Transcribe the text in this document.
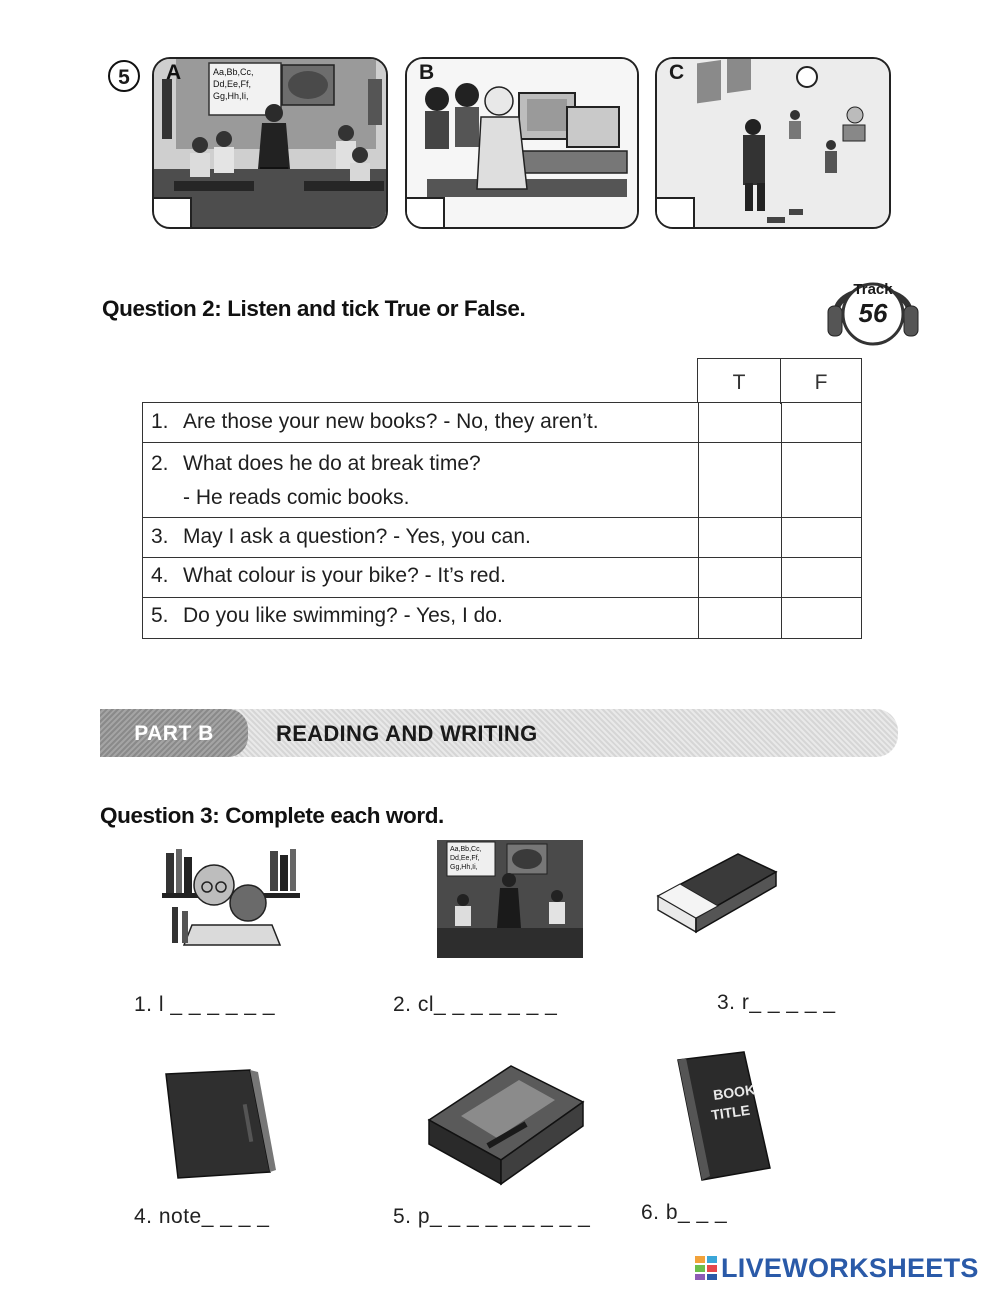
5	Aa,Bb,Cc,
Dd,Ee,Ff,
Gg,Hh,Ii,
A	B	C
Question 2: Listen and tick True or False.
Track
56
T	F
1. Are those your new books? - No, they aren’t.
2. What does he do at break time?
- He reads comic books.
3. May I ask a question? - Yes, you can.
4. What colour is your bike? - It’s red.
5. Do you like swimming? - Yes, I do.
PART B	READING AND WRITING
Question 3: Complete each word.
Aa,Bb,Cc,
Dd,Ee,Ff,
Gg,Hh,Ii,
1. l _ _ _ _ _ _	2. cl_ _ _ _ _ _ _	3. r_ _ _ _ _
BOOK
TITLE
4. note_ _ _ _	5. p_ _ _ _ _ _ _ _ _ 6. b_ _ _
LIVEWORKSHEETS
